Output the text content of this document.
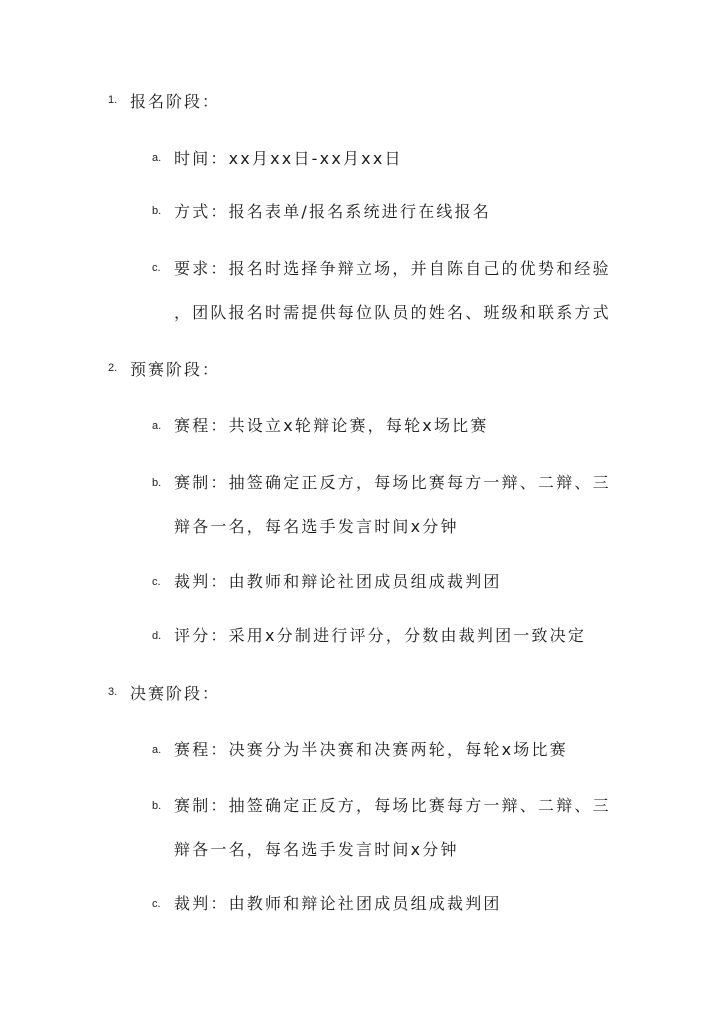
1. 报名阶段：
a. 时间：xx月xx日-xx月xx日
b. 方式：报名表单/报名系统进行在线报名
c. 要求：报名时选择争辩立场，并自陈自己的优势和经验
，团队报名时需提供每位队员的姓名、班级和联系方式
2. 预赛阶段：
a. 赛程：共设立x轮辩论赛，每轮x场比赛
b. 赛制：抽签确定正反方，每场比赛每方一辩、二辩、三
辩各一名，每名选手发言时间x分钟
c. 裁判：由教师和辩论社团成员组成裁判团
d. 评分：采用x分制进行评分，分数由裁判团一致决定
3. 决赛阶段：
a. 赛程：决赛分为半决赛和决赛两轮，每轮x场比赛
b. 赛制：抽签确定正反方，每场比赛每方一辩、二辩、三
辩各一名，每名选手发言时间x分钟
c. 裁判：由教师和辩论社团成员组成裁判团
